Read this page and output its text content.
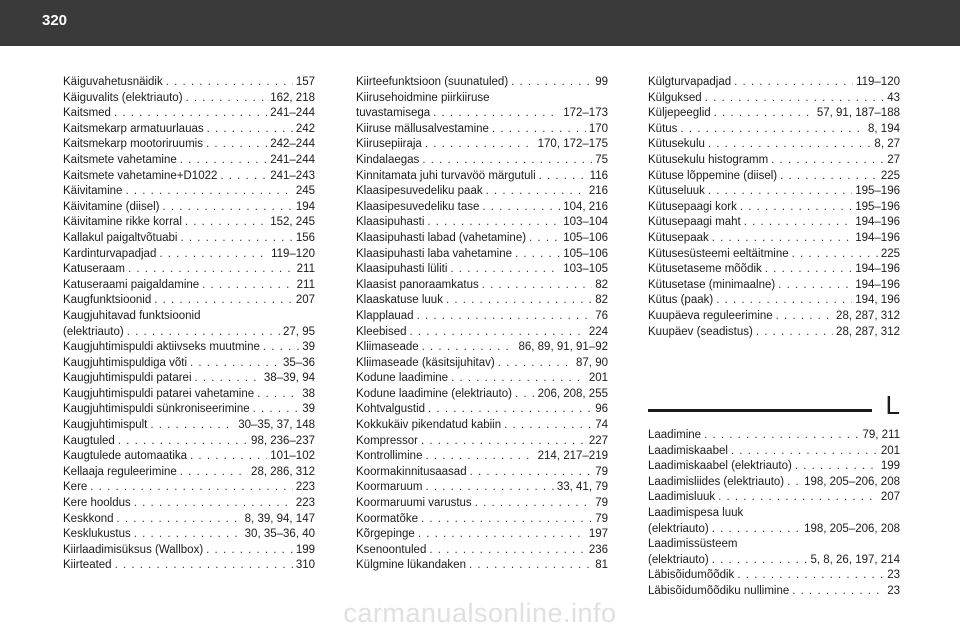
320
Käiguvahetusnäidik . . .	157
Käiguvalits (elektriauto) . . .	162, 218
Kaitsmed . . .	241–244
Kaitsmekarp armatuurlauas . . .	242
Kaitsmekarp mootoriruumis . . .	242–244
Kaitsmete vahetamine . . .	241–244
Kaitsmete vahetamine+D1022 . . .	241–243
Käivitamine . . .	245
Käivitamine (diisel) . . .	194
Käivitamine rikke korral . . .	152, 245
Kallakul paigaltvõtuabi . . .	156
Kardinturvapadjad . . .	119–120
Katuseraam . . .	211
Katuseraami paigaldamine . . .	211
Kaugfunktsioonid . . .	207
Kaugjuhitavad funktsioonid
(elektriauto) . . .	27, 95
Kaugjuhtimispuldi aktiivseks muutmine . . .	39
Kaugjuhtimispuldiga võti . . .	35–36
Kaugjuhtimispuldi patarei . . .	38–39, 94
Kaugjuhtimispuldi patarei vahetamine . . .	38
Kaugjuhtimispuldi sünkroniseerimine . . .	39
Kaugjuhtimispult . . .	30–35, 37, 148
Kaugtuled . . .	98, 236–237
Kaugtulede automaatika . . .	101–102
Kellaaja reguleerimine . . .	28, 286, 312
Kere . . .	223
Kere hooldus . . .	223
Keskkond . . .	8, 39, 94, 147
Kesklukustus . . .	30, 35–36, 40
Kiirlaadimisüksus (Wallbox) . . .	199
Kiirteated . . .	310
Kiirteefunktsioon (suunatuled) . . .	99
Kiirusehoidmine piirkiiruse
tuvastamisega . . .	172–173
Kiiruse mällusalvestamine . . .	170
Kiirusepiiraja . . .	170, 172–175
Kindalaegas . . .	75
Kinnitamata juhi turvavöö märgutuli . . .	116
Klaasipesuvedeliku paak . . .	216
Klaasipesuvedeliku tase . . .	104, 216
Klaasipuhasti . . .	103–104
Klaasipuhasti labad (vahetamine) . . .	105–106
Klaasipuhasti laba vahetamine . . .	105–106
Klaasipuhasti lüliti . . .	103–105
Klaasist panoraamkatus . . .	82
Klaaskatuse luuk . . .	82
Klapplauad . . .	76
Kleebised . . .	224
Kliimaseade . . .	86, 89, 91, 91–92
Kliimaseade (käsitsijuhitav) . . .	87, 90
Kodune laadimine . . .	201
Kodune laadimine (elektriauto) . . . 206, 208, 255
Kohtvalgustid . . .	96
Kokkukäiv pikendatud kabiin . . .	74
Kompressor . . .	227
Kontrollimine . . .	214, 217–219
Koormakinnitusaasad . . .	79
Koormaruum . . .	33, 41, 79
Koormaruumi varustus . . .	79
Koormatõke . . .	79
Kõrgepinge . . .	197
Ksenoontuled . . .	236
Külgmine lükandaken . . .	81
Külgturvapadjad . . .	119–120
Külguksed . . .	43
Küljepeeglid . . .	57, 91, 187–188
Kütus . . .	8, 194
Kütusekulu . . .	8, 27
Kütusekulu histogramm . . .	27
Kütuse lõppemine (diisel) . . .	225
Kütuseluuk . . .	195–196
Kütusepaagi kork . . .	195–196
Kütusepaagi maht . . .	194–196
Kütusepaak . . .	194–196
Kütusesüsteemi eeltäitmine . . .	225
Kütusetaseme mõõdik . . .	194–196
Kütusetase (minimaalne) . . .	194–196
Kütus (paak) . . .	194, 196
Kuupäeva reguleerimine . . .	28, 287, 312
Kuupäev (seadistus) . . .	28, 287, 312
L
Laadimine . . .	79, 211
Laadimiskaabel . . .	201
Laadimiskaabel (elektriauto) . . .	199
Laadimisliides (elektriauto) . . . 198, 205–206, 208
Laadimisluuk . . .	207
Laadimispesa luuk
(elektriauto) . . .	198, 205–206, 208
Laadimissüsteem
(elektriauto) . . .	5, 8, 26, 197, 214
Läbisõidumõõdik . . .	23
Läbisõidumõõdiku nullimine . . .	23
carmanualsonline.info
